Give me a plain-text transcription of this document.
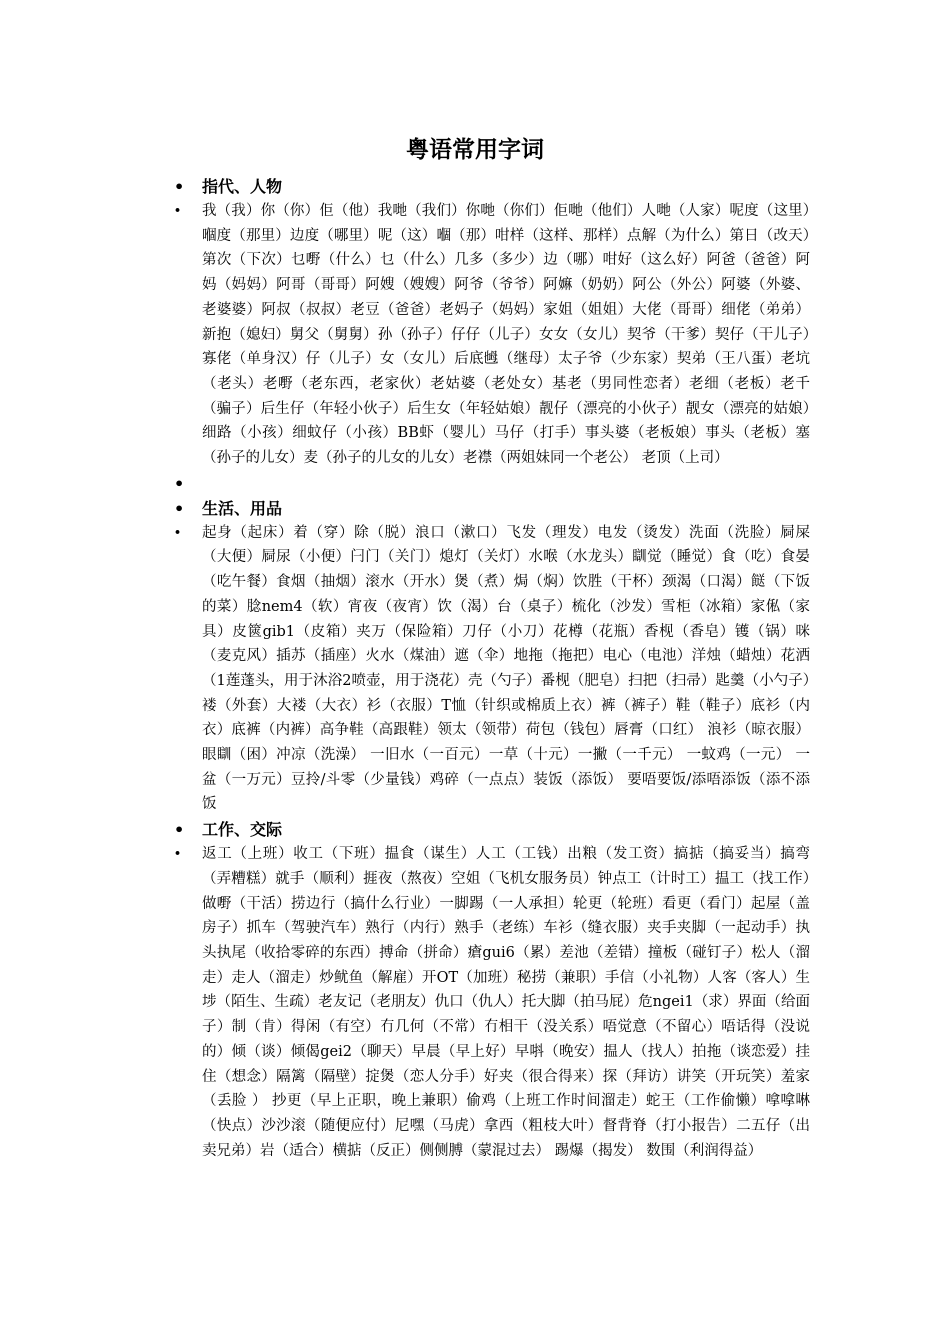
粤语常用字词
• 指代、人物
• 我（我）你（你）佢（他）我哋（我们）你哋（你们）佢哋（他们）人哋（人家）呢度（这里）嗰度（那里）边度（哪里）呢（这）嗰（那）咁样（这样、那样）点解（为什么）第日（改天）第次（下次）乜嘢（什么）乜（什么）几多（多少）边（哪）咁好（这么好）阿爸（爸爸）阿妈（妈妈）阿哥（哥哥）阿嫂（嫂嫂）阿爷（爷爷）阿嫲（奶奶）阿公（外公）阿婆（外婆、老婆婆）阿叔（叔叔）老豆（爸爸）老妈子（妈妈）家姐（姐姐）大佬（哥哥）细佬（弟弟）新抱（媳妇）舅父（舅舅）孙（孙子）仔仔（儿子）女女（女儿）契爷（干爹）契仔（干儿子）寡佬（单身汉）仔（儿子）女（女儿）后底乸（继母）太子爷（少东家）契弟（王八蛋）老坑（老头）老嘢（老东西，老家伙）老姑婆（老处女）基老（男同性恋者）老细（老板）老千（骗子）后生仔（年轻小伙子）后生女（年轻姑娘）靓仔（漂亮的小伙子）靓女（漂亮的姑娘）细路（小孩）细蚊仔（小孩）BB虾（婴儿）马仔（打手）事头婆（老板娘）事头（老板）塞（孙子的儿女）麦（孙子的儿女的儿女）老襟（两姐妹同一个老公） 老顶（上司）
•
• 生活、用品
• 起身（起床）着（穿）除（脱）浪口（漱口）飞发（理发）电发（烫发）洗面（洗脸）屙屎（大便）屙尿（小便）闩门（关门）熄灯（关灯）水喉（水龙头）瞓觉（睡觉）食（吃）食晏（吃午餐）食烟（抽烟）滚水（开水）煲（煮）焗（焖）饮胜（干杯）颈渴（口渴）餸（下饭的菜）腍nem4（软）宵夜（夜宵）饮（渴）台（桌子）梳化（沙发）雪柜（冰箱）家俬（家具）皮篋gib1（皮箱）夹万（保险箱）刀仔（小刀）花樽（花瓶）香枧（香皂）镬（锅）咪（麦克风）插苏（插座）火水（煤油）遮（伞）地拖（拖把）电心（电池）洋烛（蜡烛）花洒（1莲蓬头，用于沐浴2喷壶，用于浇花）壳（勺子）番枧（肥皂）扫把（扫帚）匙羹（小勺子）褛（外套）大褛（大衣）衫（衣服）T恤（针织或棉质上衣）裤（裤子）鞋（鞋子）底衫（内衣）底裤（内裤）高争鞋（高跟鞋）领太（领带）荷包（钱包）唇膏（口红） 浪衫（晾衣服） 眼瞓（困）冲凉（洗澡） 一旧水（一百元）一草（十元）一撇（一千元） 一蚊鸡（一元） 一盆（一万元）豆拎/斗零（少量钱）鸡碎（一点点）装饭（添饭） 要唔要饭/添唔添饭（添不添饭
• 工作、交际
• 返工（上班）收工（下班）揾食（谋生）人工（工钱）出粮（发工资）搞掂（搞妥当）搞弯（弄糟糕）就手（顺利）捱夜（熬夜）空姐（飞机女服务员）钟点工（计时工）揾工（找工作）做嘢（干活）捞边行（搞什么行业）一脚踢（一人承担）轮更（轮班）看更（看门）起屋（盖房子）抓车（驾驶汽车）熟行（内行）熟手（老练）车衫（缝衣服）夹手夹脚（一起动手）执头执尾（收拾零碎的东西）搏命（拼命）瘡gui6（累）差池（差错）撞板（碰钉子）松人（溜走）走人（溜走）炒鱿鱼（解雇）开OT（加班）秘捞（兼职）手信（小礼物）人客（客人）生埗（陌生、生疏）老友记（老朋友）仇口（仇人）托大脚（拍马屁）危ngei1（求）界面（给面子）制（肯）得闲（有空）冇几何（不常）冇相干（没关系）唔觉意（不留心）唔话得（没说的）倾（谈）倾偈gei2（聊天）早晨（早上好）早唞（晚安）揾人（找人）拍拖（谈恋爱）挂住（想念）隔篱（隔壁）掟煲（恋人分手）好夹（很合得来）探（拜访）讲笑（开玩笑）羞家（丢脸 ） 抄更（早上正职，晚上兼职）偷鸡（上班工作时间溜走）蛇王（工作偷懒）嗱嗱啉（快点）沙沙滚（随便应付）尼嘿（马虎）拿西（粗枝大叶）督背脊（打小报告）二五仔（出卖兄弟）岩（适合）横掂（反正）侧侧膊（蒙混过去） 踢爆（揭发） 数围（利润得益）
